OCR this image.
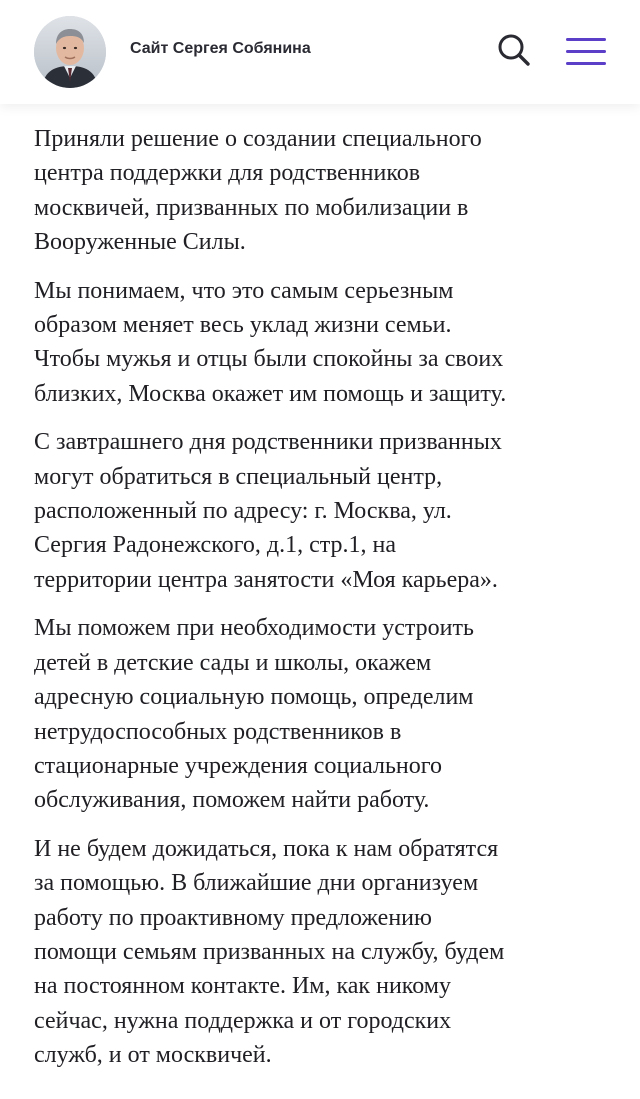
Сайт Сергея Собянина

Приняли решение о создании специального
центра поддержки для родственников
москвичей, призванных по мобилизации в
Вооруженные Силы.

Мы понимаем, что это самым серьезным
образом меняет весь уклад жизни семьи.
Чтобы мужья и отцы были спокойны за своих
близких, Москва окажет им помощь и защиту.

С завтрашнего дня родственники призванных
могут обратиться в специальный центр,
расположенный по адресу: г. Москва, ул.
Сергия Радонежского, д.1, стр.1, на
территории центра занятости «Моя карьера».

Мы поможем при необходимости устроить
детей в детские сады и школы, окажем
адресную социальную помощь, определим
нетрудоспособных родственников в
стационарные учреждения социального
обслуживания, поможем найти работу.

И не будем дожидаться, пока к нам обратятся
за помощью. В ближайшие дни организуем
работу по проактивному предложению
помощи семьям призванных на службу, будем
на постоянном контакте. Им, как никому
сейчас, нужна поддержка и от городских
служб, и от москвичей.
